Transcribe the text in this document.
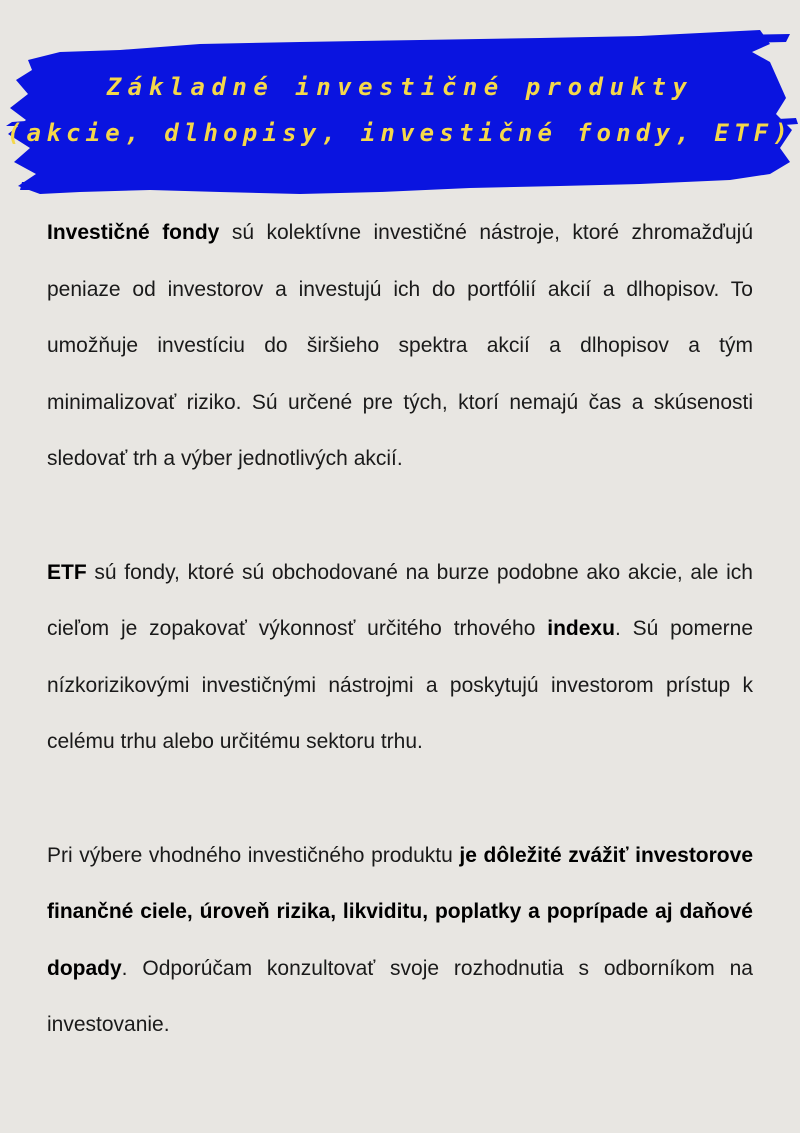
Základné investičné produkty
(akcie, dlhopisy, investičné fondy, ETF)

Investičné fondy sú kolektívne investičné nástroje, ktoré zhromažďujú peniaze od investorov a investujú ich do portfólií akcií a dlhopisov. To umožňuje investíciu do širšieho spektra akcií a dlhopisov a tým minimalizovať riziko. Sú určené pre tých, ktorí nemajú čas a skúsenosti sledovať trh a výber jednotlivých akcií.

ETF sú fondy, ktoré sú obchodované na burze podobne ako akcie, ale ich cieľom je zopakovať výkonnosť určitého trhového indexu. Sú pomerne nízkorizikovými investičnými nástrojmi a poskytujú investorom prístup k celému trhu alebo určitému sektoru trhu.

Pri výbere vhodného investičného produktu je dôležité zvážiť investorove finančné ciele, úroveň rizika, likviditu, poplatky a poprípade aj daňové dopady. Odporúčam konzultovať svoje rozhodnutia s odborníkom na investovanie.
